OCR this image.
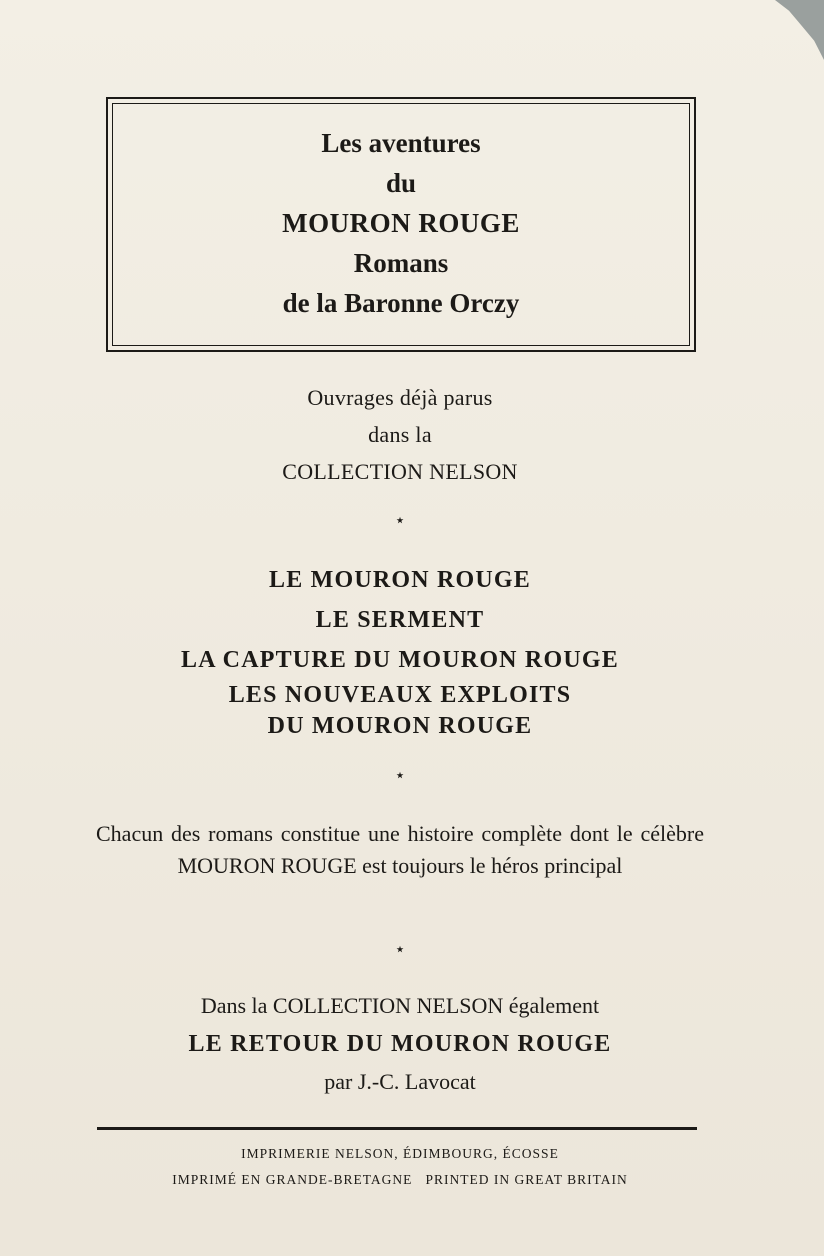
Les aventures
du
MOURON ROUGE
Romans
de la Baronne Orczy
Ouvrages déjà parus
dans la
COLLECTION NELSON
⋆
LE MOURON ROUGE
LE SERMENT
LA CAPTURE DU MOURON ROUGE
LES NOUVEAUX EXPLOITS
DU MOURON ROUGE
⋆
Chacun des romans constitue une histoire complète dont le célèbre MOURON ROUGE est toujours le héros principal
⋆
Dans la COLLECTION NELSON également
LE RETOUR DU MOURON ROUGE
par J.-C. Lavocat
IMPRIMERIE NELSON, ÉDIMBOURG, ÉCOSSE
IMPRIMÉ EN GRANDE-BRETAGNE   PRINTED IN GREAT BRITAIN
